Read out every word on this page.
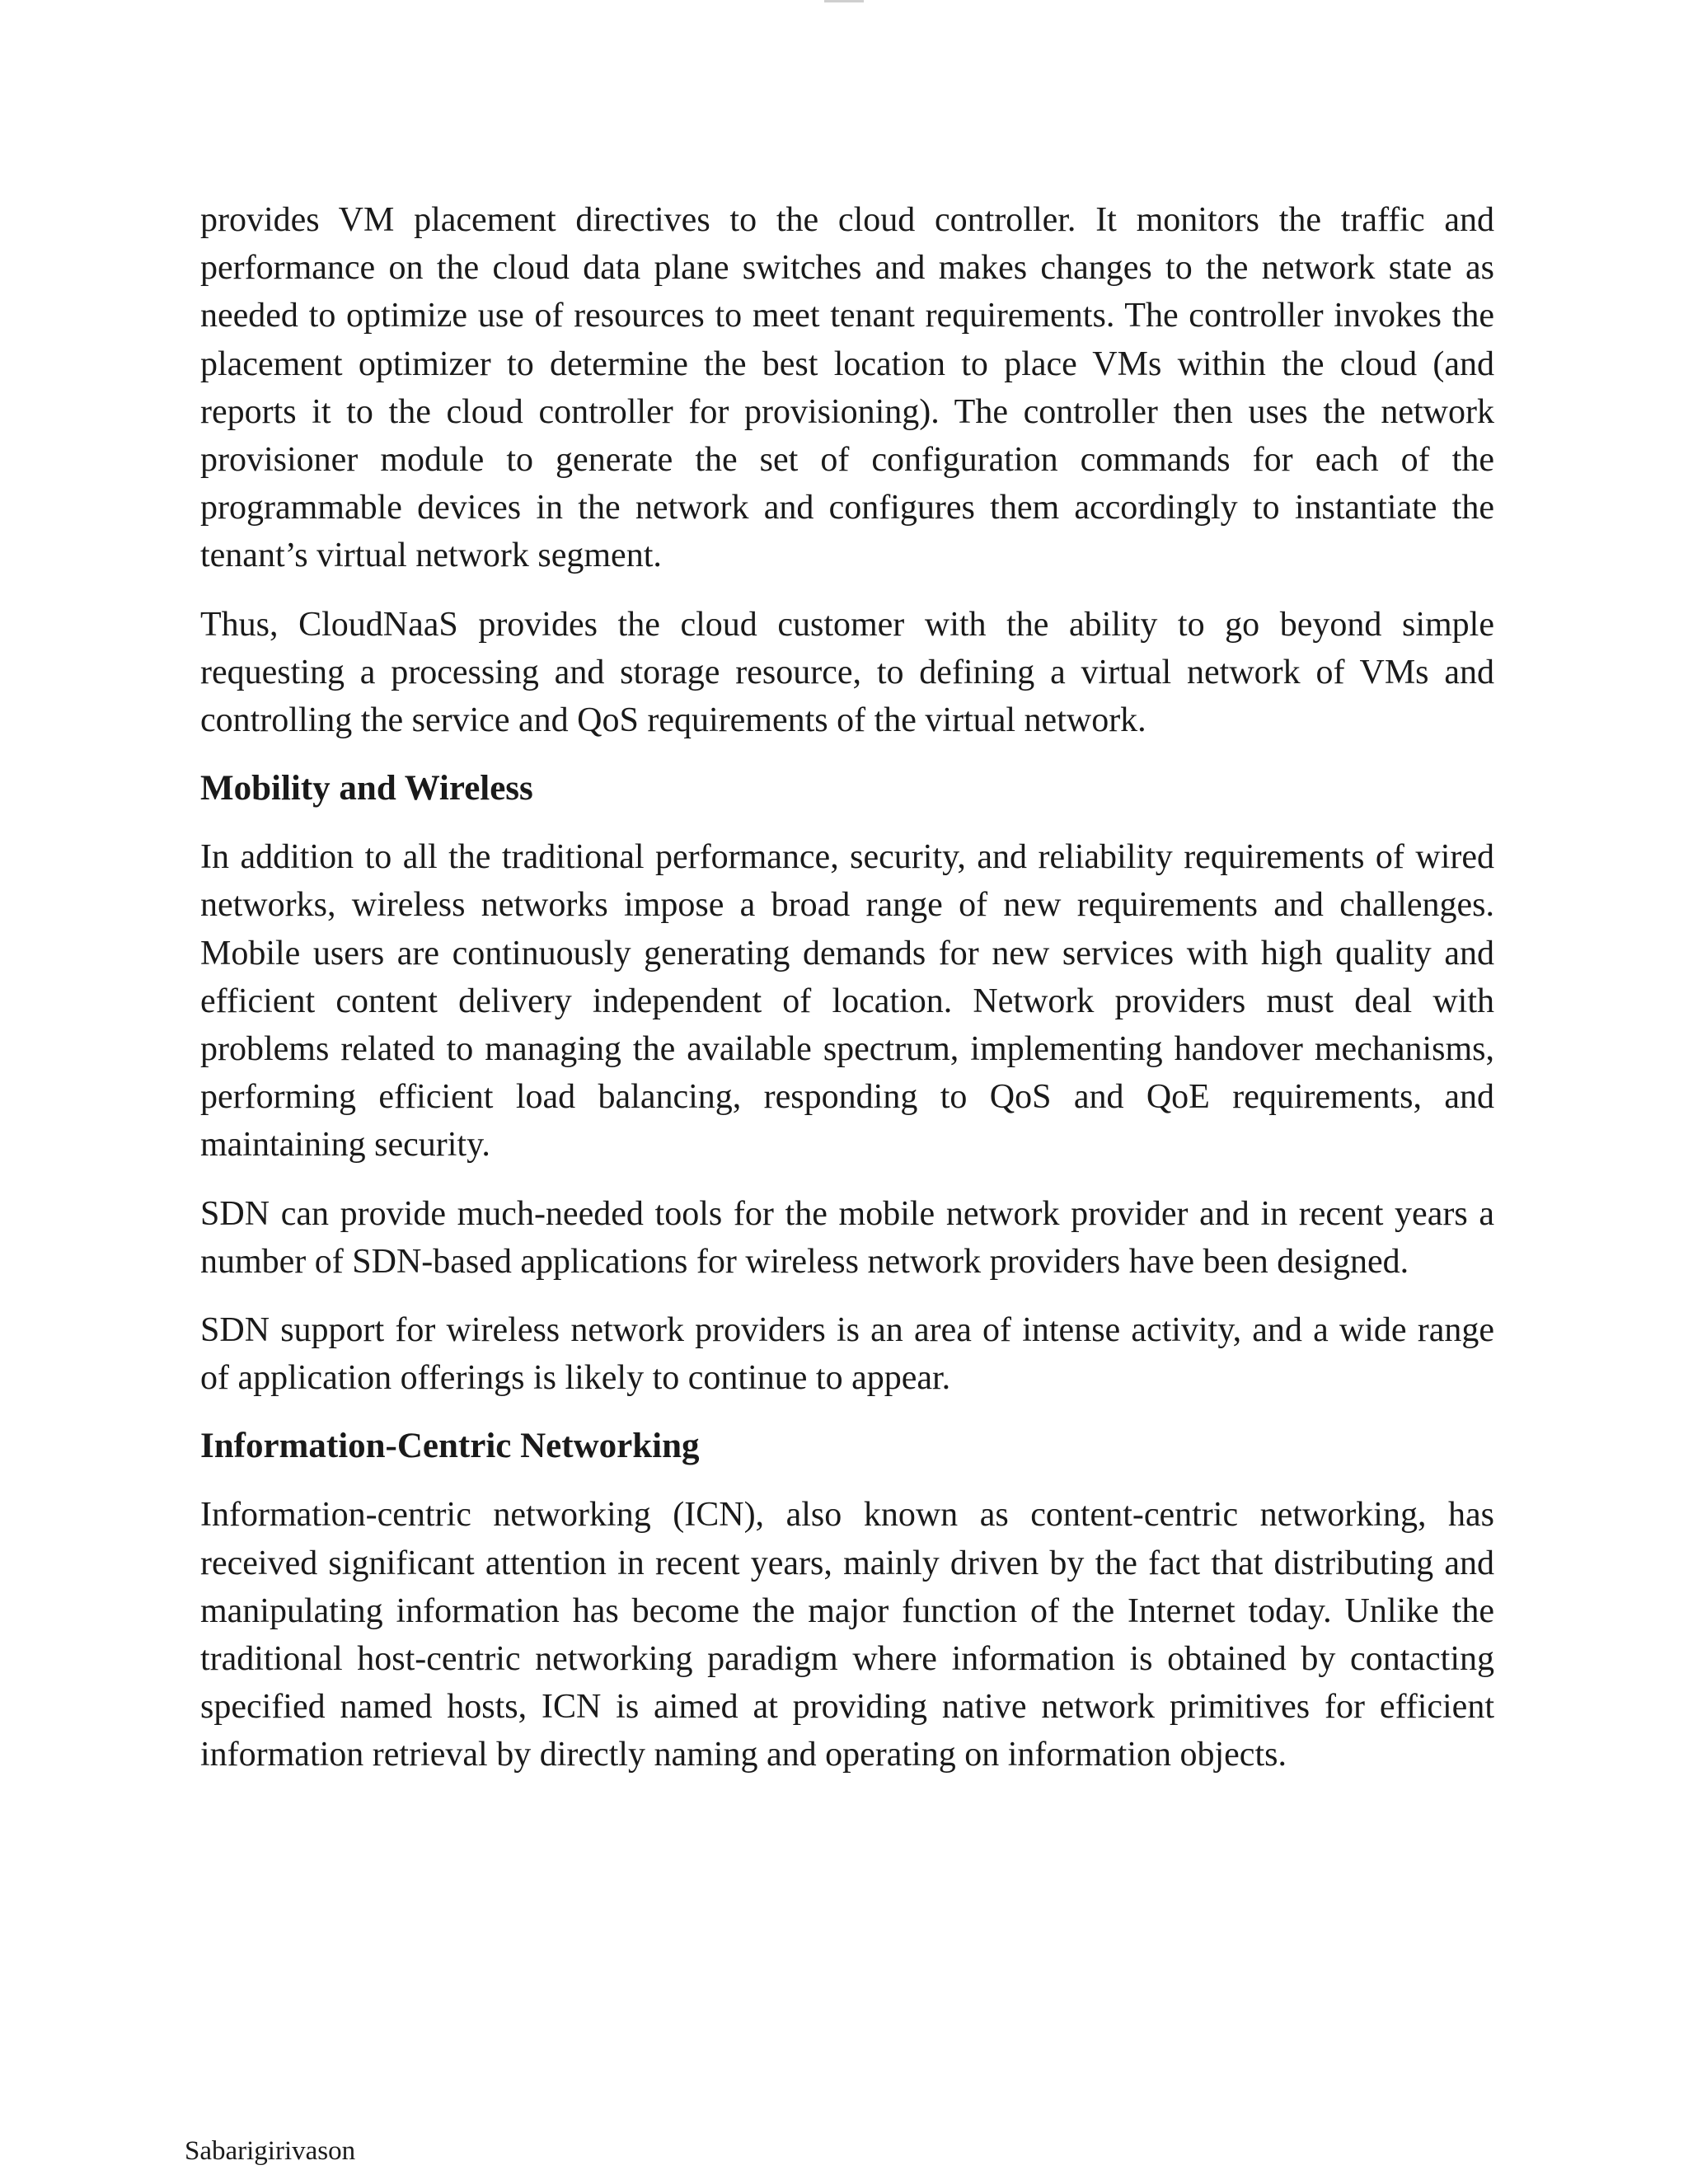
provides VM placement directives to the cloud controller. It monitors the traffic and performance on the cloud data plane switches and makes changes to the network state as needed to optimize use of resources to meet tenant requirements. The controller invokes the placement optimizer to determine the best location to place VMs within the cloud (and reports it to the cloud controller for provisioning). The controller then uses the network provisioner module to generate the set of configuration commands for each of the programmable devices in the network and configures them accordingly to instantiate the tenant’s virtual network segment.

Thus, CloudNaaS provides the cloud customer with the ability to go beyond simple requesting a processing and storage resource, to defining a virtual network of VMs and controlling the service and QoS requirements of the virtual network.

Mobility and Wireless

In addition to all the traditional performance, security, and reliability requirements of wired networks, wireless networks impose a broad range of new requirements and challenges. Mobile users are continuously generating demands for new services with high quality and efficient content delivery independent of location. Network providers must deal with problems related to managing the available spectrum, implementing handover mechanisms, performing efficient load balancing, responding to QoS and QoE requirements, and maintaining security.

SDN can provide much-needed tools for the mobile network provider and in recent years a number of SDN-based applications for wireless network providers have been designed.

SDN support for wireless network providers is an area of intense activity, and a wide range of application offerings is likely to continue to appear.

Information-Centric Networking

Information-centric networking (ICN), also known as content-centric networking, has received significant attention in recent years, mainly driven by the fact that distributing and manipulating information has become the major function of the Internet today. Unlike the traditional host-centric networking paradigm where information is obtained by contacting specified named hosts, ICN is aimed at providing native network primitives for efficient information retrieval by directly naming and operating on information objects.

Sabarigirivason
